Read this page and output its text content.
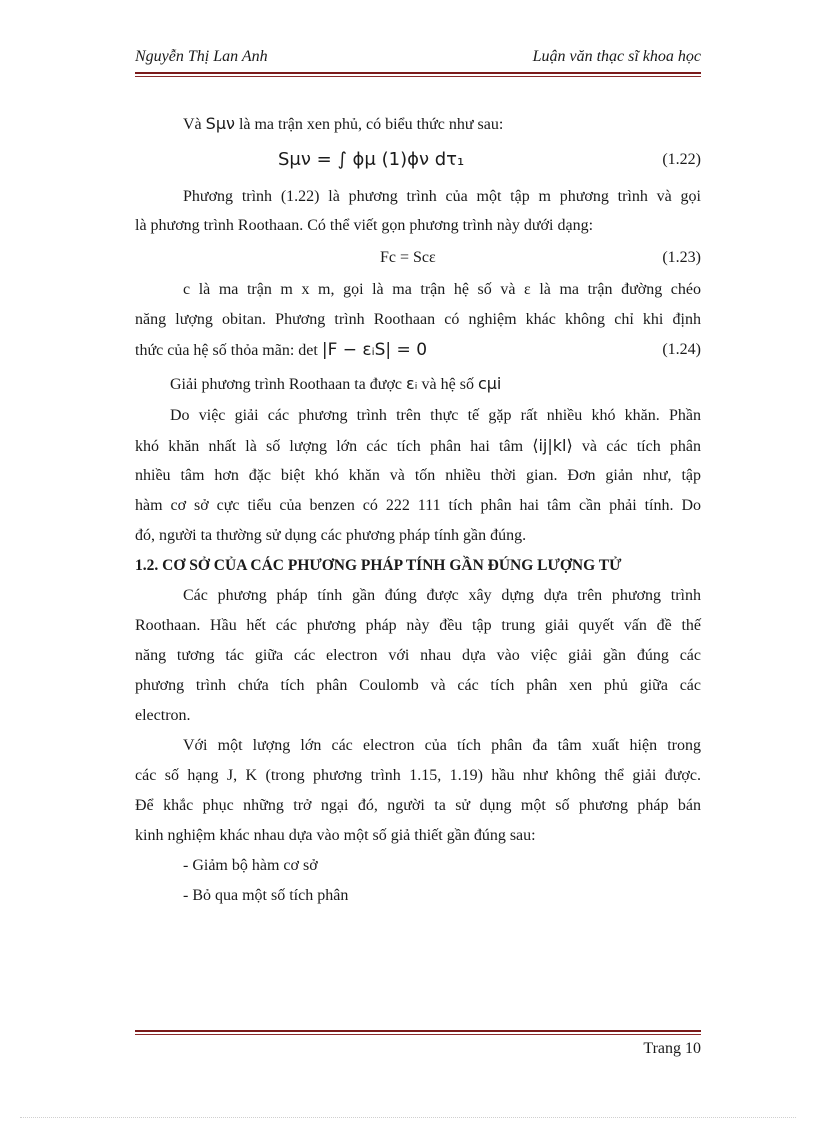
Nguyễn Thị Lan Anh	Luận văn thạc sĩ khoa học
Và Sμν là ma trận xen phủ, có biểu thức như sau:
Sμν = ∫ ϕμ (1)ϕν dτ₁	(1.22)
Phương trình (1.22) là phương trình của một tập m phương trình và gọi
là phương trình Roothaan. Có thể viết gọn phương trình này dưới dạng:
Fc = Scε	(1.23)
c là ma trận m x m, gọi là ma trận hệ số và ε là ma trận đường chéo
năng lượng obitan. Phương trình Roothaan có nghiệm khác không chỉ khi định
thức của hệ số thỏa mãn: det |F − εᵢS| = 0	(1.24)
Giải phương trình Roothaan ta được εᵢ và hệ số cμi
Do việc giải các phương trình trên thực tế gặp rất nhiều khó khăn. Phần
khó khăn nhất là số lượng lớn các tích phân hai tâm ⟨ij|kl⟩ và các tích phân
nhiều tâm hơn đặc biệt khó khăn và tốn nhiều thời gian. Đơn giản như, tập
hàm cơ sở cực tiểu của benzen có 222 111 tích phân hai tâm cần phải tính. Do
đó, người ta thường sử dụng các phương pháp tính gần đúng.
1.2. CƠ SỞ CỦA CÁC PHƯƠNG PHÁP TÍNH GẦN ĐÚNG LƯỢNG TỬ
Các phương pháp tính gần đúng được xây dựng dựa trên phương trình
Roothaan. Hầu hết các phương pháp này đều tập trung giải quyết vấn đề thế
năng tương tác giữa các electron với nhau dựa vào việc giải gần đúng các
phương trình chứa tích phân Coulomb và các tích phân xen phủ giữa các
electron.
Với một lượng lớn các electron của tích phân đa tâm xuất hiện trong
các số hạng J, K (trong phương trình 1.15, 1.19) hầu như không thể giải được.
Để khắc phục những trở ngại đó, người ta sử dụng một số phương pháp bán
kinh nghiệm khác nhau dựa vào một số giả thiết gần đúng sau:
- Giảm bộ hàm cơ sở
- Bỏ qua một số tích phân
Trang 10
